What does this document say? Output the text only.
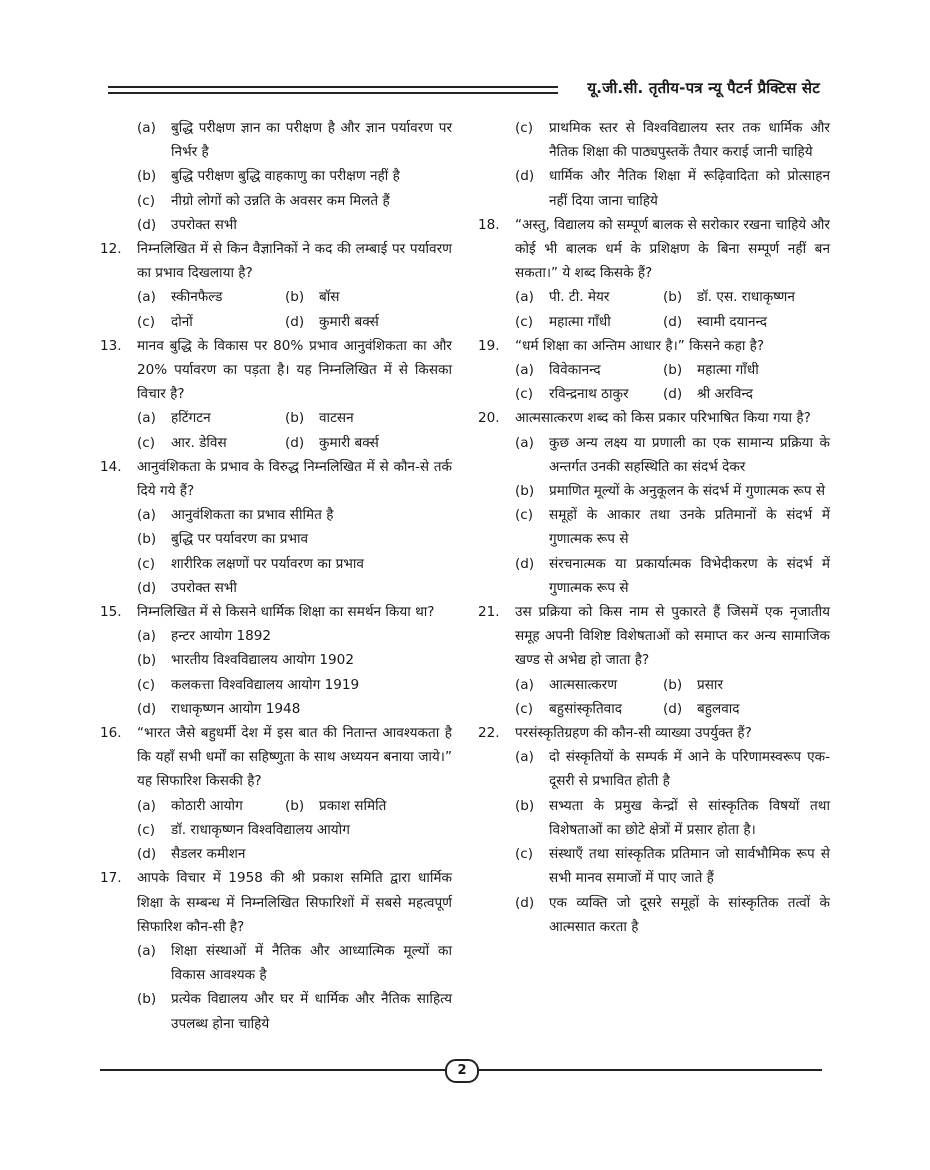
यू.जी.सी. तृतीय-पत्र न्यू पैटर्न प्रैक्टिस सेट
(a)	बुद्धि परीक्षण ज्ञान का परीक्षण है और ज्ञान पर्यावरण पर निर्भर है
(b)	बुद्धि परीक्षण बुद्धि वाहकाणु का परीक्षण नहीं है
(c)	नीग्रो लोगों को उन्नति के अवसर कम मिलते हैं
(d)	उपरोक्त सभी
12.	निम्नलिखित में से किन वैज्ञानिकों ने कद की लम्बाई पर पर्यावरण का प्रभाव दिखलाया है?
(a)	स्कीनफैल्ड	(b)	बॉस
(c)	दोनों	(d)	कुमारी बर्क्स
13.	मानव बुद्धि के विकास पर 80% प्रभाव आनुवंशिकता का और 20% पर्यावरण का पड़ता है। यह निम्नलिखित में से किसका विचार है?
(a)	हटिंगटन	(b)	वाटसन
(c)	आर. डेविस	(d)	कुमारी बर्क्स
14.	आनुवंशिकता के प्रभाव के विरुद्ध निम्नलिखित में से कौन-से तर्क दिये गये हैं?
(a)	आनुवंशिकता का प्रभाव सीमित है
(b)	बुद्धि पर पर्यावरण का प्रभाव
(c)	शारीरिक लक्षणों पर पर्यावरण का प्रभाव
(d)	उपरोक्त सभी
15.	निम्नलिखित में से किसने धार्मिक शिक्षा का समर्थन किया था?
(a)	हन्टर आयोग 1892
(b)	भारतीय विश्वविद्यालय आयोग 1902
(c)	कलकत्ता विश्वविद्यालय आयोग 1919
(d)	राधाकृष्णन आयोग 1948
16.	“भारत जैसे बहुधर्मी देश में इस बात की नितान्त आवश्यकता है कि यहाँ सभी धर्मों का सहिष्णुता के साथ अध्ययन बनाया जाये।” यह सिफारिश किसकी है?
(a)	कोठारी आयोग	(b)	प्रकाश समिति
(c)	डॉ. राधाकृष्णन विश्वविद्यालय आयोग
(d)	सैडलर कमीशन
17.	आपके विचार में 1958 की श्री प्रकाश समिति द्वारा धार्मिक शिक्षा के सम्बन्ध में निम्नलिखित सिफारिशों में सबसे महत्वपूर्ण सिफारिश कौन-सी है?
(a)	शिक्षा संस्थाओं में नैतिक और आध्यात्मिक मूल्यों का विकास आवश्यक है
(b)	प्रत्येक विद्यालय और घर में धार्मिक और नैतिक साहित्य उपलब्ध होना चाहिये
(c)	प्राथमिक स्तर से विश्वविद्यालय स्तर तक धार्मिक और नैतिक शिक्षा की पाठ्यपुस्तकें तैयार कराई जानी चाहिये
(d)	धार्मिक और नैतिक शिक्षा में रूढ़िवादिता को प्रोत्साहन नहीं दिया जाना चाहिये
18.	“अस्तु, विद्यालय को सम्पूर्ण बालक से सरोकार रखना चाहिये और कोई भी बालक धर्म के प्रशिक्षण के बिना सम्पूर्ण नहीं बन सकता।” ये शब्द किसके हैं?
(a)	पी. टी. मेयर	(b)	डॉ. एस. राधाकृष्णन
(c)	महात्मा गाँधी	(d)	स्वामी दयानन्द
19.	“धर्म शिक्षा का अन्तिम आधार है।” किसने कहा है?
(a)	विवेकानन्द	(b)	महात्मा गाँधी
(c)	रविन्द्रनाथ ठाकुर	(d)	श्री अरविन्द
20.	आत्मसात्करण शब्द को किस प्रकार परिभाषित किया गया है?
(a)	कुछ अन्य लक्ष्य या प्रणाली का एक सामान्य प्रक्रिया के अन्तर्गत उनकी सहस्थिति का संदर्भ देकर
(b)	प्रमाणित मूल्यों के अनुकूलन के संदर्भ में गुणात्मक रूप से
(c)	समूहों के आकार तथा उनके प्रतिमानों के संदर्भ में गुणात्मक रूप से
(d)	संरचनात्मक या प्रकार्यात्मक विभेदीकरण के संदर्भ में गुणात्मक रूप से
21.	उस प्रक्रिया को किस नाम से पुकारते हैं जिसमें एक नृजातीय समूह अपनी विशिष्ट विशेषताओं को समाप्त कर अन्य सामाजिक खण्ड से अभेद्य हो जाता है?
(a)	आत्मसात्करण	(b)	प्रसार
(c)	बहुसांस्कृतिवाद	(d)	बहुलवाद
22.	परसंस्कृतिग्रहण की कौन-सी व्याख्या उपर्युक्त हैं?
(a)	दो संस्कृतियों के सम्पर्क में आने के परिणामस्वरूप एक-दूसरी से प्रभावित होती है
(b)	सभ्यता के प्रमुख केन्द्रों से सांस्कृतिक विषयों तथा विशेषताओं का छोटे क्षेत्रों में प्रसार होता है।
(c)	संस्थाएँ तथा सांस्कृतिक प्रतिमान जो सार्वभौमिक रूप से सभी मानव समाजों में पाए जाते हैं
(d)	एक व्यक्ति जो दूसरे समूहों के सांस्कृतिक तत्वों के आत्मसात करता है
2
